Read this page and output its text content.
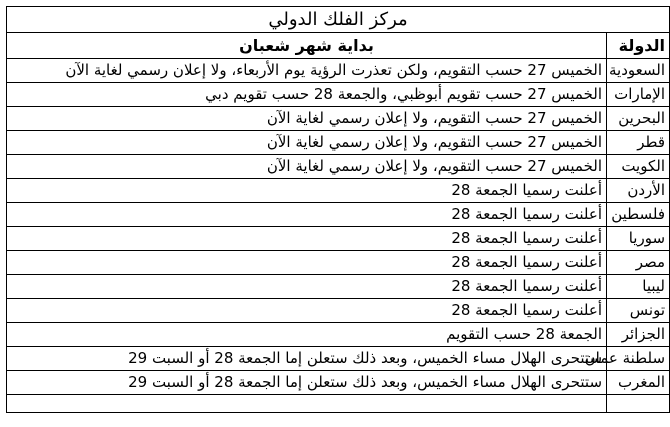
مركز الفلك الدولي	
الدولة	بداية شهر شعبان
السعودية	الخميس 27 حسب التقويم، ولكن تعذرت الرؤية يوم الأربعاء، ولا إعلان رسمي لغاية الآن
الإمارات	الخميس 27 حسب تقويم أبوظبي، والجمعة 28 حسب تقويم دبي
البحرين	الخميس 27 حسب التقويم، ولا إعلان رسمي لغاية الآن
قطر	الخميس 27 حسب التقويم، ولا إعلان رسمي لغاية الآن
الكويت	الخميس 27 حسب التقويم، ولا إعلان رسمي لغاية الآن
الأردن	أعلنت رسميا الجمعة 28
فلسطين	أعلنت رسميا الجمعة 28
سوريا	أعلنت رسميا الجمعة 28
مصر	أعلنت رسميا الجمعة 28
ليبيا	أعلنت رسميا الجمعة 28
تونس	أعلنت رسميا الجمعة 28
الجزائر	الجمعة 28 حسب التقويم
سلطنة عمان	ستتحرى الهلال مساء الخميس، وبعد ذلك ستعلن إما الجمعة 28 أو السبت 29
المغرب	ستتحرى الهلال مساء الخميس، وبعد ذلك ستعلن إما الجمعة 28 أو السبت 29
